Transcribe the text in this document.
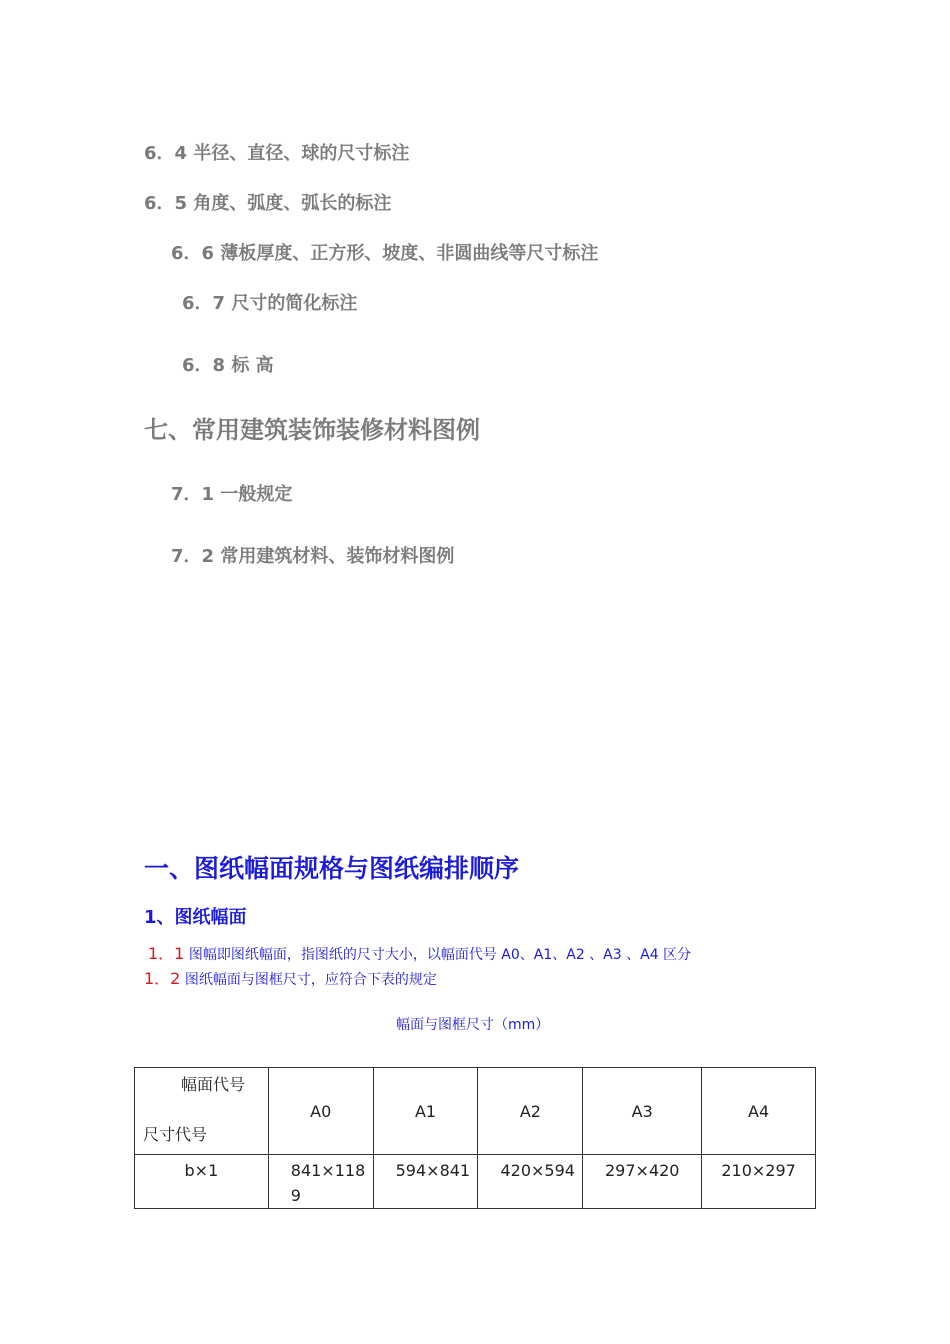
6．4 半径、直径、球的尺寸标注
6．5 角度、弧度、弧长的标注
6．6 薄板厚度、正方形、坡度、非圆曲线等尺寸标注
6．7 尺寸的简化标注
6．8 标 高
七、常用建筑装饰装修材料图例
7．1 一般规定
7．2 常用建筑材料、装饰材料图例
一、图纸幅面规格与图纸编排顺序
1、图纸幅面
1．1 图幅即图纸幅面，指图纸的尺寸大小，以幅面代号 A0、A1、A2 、A3 、A4 区分
1．2 图纸幅面与图框尺寸，应符合下表的规定
幅面与图框尺寸（mm）
幅面代号
尺寸代号	A0	A1	A2	A3	A4
b×1	841×1189	594×841	420×594	297×420	210×297
